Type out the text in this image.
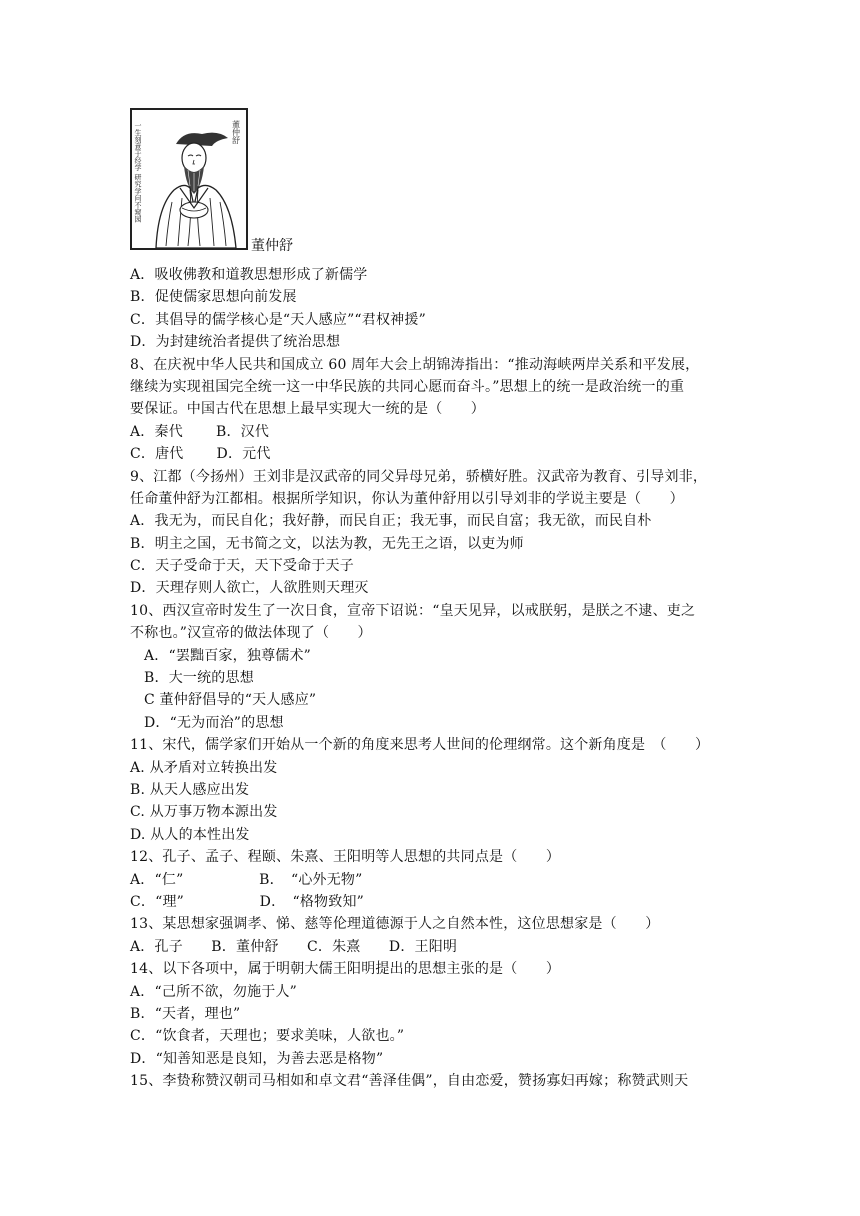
一生刻意于经学 研究学问不窥园	董仲舒
董仲舒
A．吸收佛教和道教思想形成了新儒学
B．促使儒家思想向前发展
C．其倡导的儒学核心是“天人感应”“君权神援”
D．为封建统治者提供了统治思想
8、在庆祝中华人民共和国成立 60 周年大会上胡锦涛指出：“推动海峡两岸关系和平发展，
继续为实现祖国完全统一这一中华民族的共同心愿而奋斗。”思想上的统一是政治统一的重
要保证。中国古代在思想上最早实现大一统的是（　　）
A．秦代　　 B．汉代
C．唐代　　 D．元代
9、江都（今扬州）王刘非是汉武帝的同父异母兄弟，骄横好胜。汉武帝为教育、引导刘非，
任命董仲舒为江都相。根据所学知识，你认为董仲舒用以引导刘非的学说主要是（　　）
A．我无为，而民自化；我好静，而民自正；我无事，而民自富；我无欲，而民自朴
B．明主之国，无书简之文，以法为教，无先王之语，以吏为师
C．天子受命于天，天下受命于天子
D．天理存则人欲亡，人欲胜则天理灭
10、西汉宣帝时发生了一次日食，宣帝下诏说：“皇天见异，以戒朕躬，是朕之不逮、吏之
不称也。”汉宣帝的做法体现了（　　）
A．“罢黜百家，独尊儒术”
B．大一统的思想
C 董仲舒倡导的“天人感应”
D．“无为而治”的思想
11、宋代，儒学家们开始从一个新的角度来思考人世间的伦理纲常。这个新角度是　（　　）
A. 从矛盾对立转换出发
B. 从天人感应出发
C. 从万事万物本源出发
D. 从人的本性出发
12、孔子、孟子、程颐、朱熹、王阳明等人思想的共同点是（　　）
A．“仁”　　　　　 B．　“心外无物”
C．“理”　　　　　 D．　“格物致知”
13、某思想家强调孝、悌、慈等伦理道德源于人之自然本性，这位思想家是（　　）
A．孔子　　B．董仲舒　　C．朱熹　　D．王阳明
14、以下各项中，属于明朝大儒王阳明提出的思想主张的是（　　）
A．“己所不欲，勿施于人”
B．“天者，理也”
C．“饮食者，天理也；要求美味，人欲也。”
D．“知善知恶是良知，为善去恶是格物”
15、李贽称赞汉朝司马相如和卓文君“善泽佳偶”，自由恋爱，赞扬寡妇再嫁；称赞武则天
